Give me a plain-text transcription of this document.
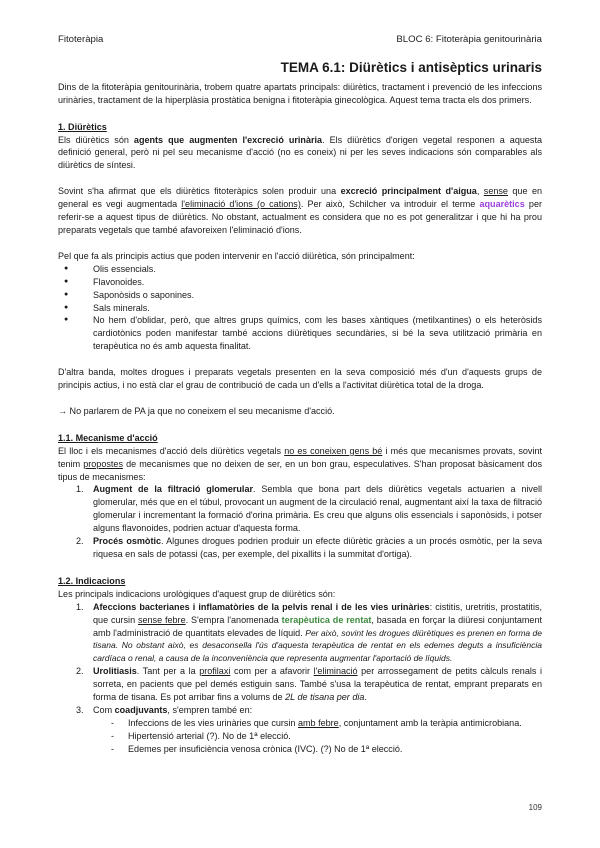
Fitoteràpia	BLOC 6: Fitoteràpia genitourinària
TEMA 6.1: Diürètics i antisèptics urinaris

Dins de la fitoteràpia genitourinària, trobem quatre apartats principals: diürètics, tractament i prevenció de les infeccions urinàries, tractament de la hiperplàsia prostàtica benigna i fitoteràpia ginecològica. Aquest tema tracta els dos primers.

1. Diürètics

Els diürètics són agents que augmenten l'excreció urinària. Els diürètics d'origen vegetal responen a aquesta definició general, però ni pel seu mecanisme d'acció (no es coneix) ni per les seves indicacions són comparables als diürètics de síntesi.

Sovint s'ha afirmat que els diürètics fitoteràpics solen produir una excreció principalment d'aigua, sense que en general es vegi augmentada l'eliminació d'ions (o cations). Per això, Schilcher va introduir el terme aquarètics per referir-se a aquest tipus de diürètics. No obstant, actualment es considera que no es pot generalitzar i que hi ha prou preparats vegetals que també afavoreixen l'eliminació d'ions.

Pel que fa als principis actius que poden intervenir en l'acció diürètica, són principalment:

● Olis essencials.
● Flavonoides.
● Saponòsids o saponines.
● Sals minerals.
● No hem d'oblidar, però, que altres grups químics, com les bases xàntiques (metilxantines) o els heteròsids cardiotònics poden manifestar també accions diürètiques secundàries, si bé la seva utilització primària en terapèutica no és amb aquesta finalitat.

D'altra banda, moltes drogues i preparats vegetals presenten en la seva composició més d'un d'aquests grups de principis actius, i no està clar el grau de contribució de cada un d'ells a l'activitat diürètica total de la droga.

→ No parlarem de PA ja que no coneixem el seu mecanisme d'acció.

1.1. Mecanisme d'acció

El lloc i els mecanismes d'acció dels diürètics vegetals no es coneixen gens bé i més que mecanismes provats, sovint tenim propostes de mecanismes que no deixen de ser, en un bon grau, especulatives. S'han proposat bàsicament dos tipus de mecanismes:

1. Augment de la filtració glomerular. Sembla que bona part dels diürètics vegetals actuarien a nivell glomerular, més que en el túbul, provocant un augment de la circulació renal, augmentant així la taxa de filtració glomerular i incrementant la formació d'orina primària. Es creu que alguns olis essencials i saponòsids, i potser alguns flavonoides, podrien actuar d'aquesta forma.
2. Procés osmòtic. Algunes drogues podrien produir un efecte diürètic gràcies a un procés osmòtic, per la seva riquesa en sals de potassi (cas, per exemple, del pixallits i la summitat d'ortiga).
1.2. Indicacions

Les principals indicacions urològiques d'aquest grup de diürètics són:

1. Afeccions bacterianes i inflamatòries de la pelvis renal i de les vies urinàries: cistitis, uretritis, prostatitis, que cursin sense febre. S'empra l'anomenada terapèutica de rentat, basada en forçar la diüresi conjuntament amb l'administració de quantitats elevades de líquid. Per això, sovint les drogues diürètiques es prenen en forma de tisana. No obstant això, es desaconsella l'ús d'aquesta terapèutica de rentat en els edemes deguts a insuficiència cardíaca o renal, a causa de la inconveniència que representa augmentar l'aportació de líquids.
2. Urolitiasis. Tant per a la profilaxi com per a afavorir l'eliminació per arrossegament de petits càlculs renals i sorreta, en pacients que pel demés estiguin sans. També s'usa la terapèutica de rentat, emprant preparats en forma de tisana. Es pot arribar fins a volums de 2L de tisana per dia.
3. Com coadjuvants, s'empren també en:
- Infeccions de les vies urinàries que cursin amb febre, conjuntament amb la teràpia antimicrobiana.
- Hipertensió arterial (?). No de 1ª elecció.
- Edemes per insuficiència venosa crònica (IVC). (?) No de 1ª elecció.
109
